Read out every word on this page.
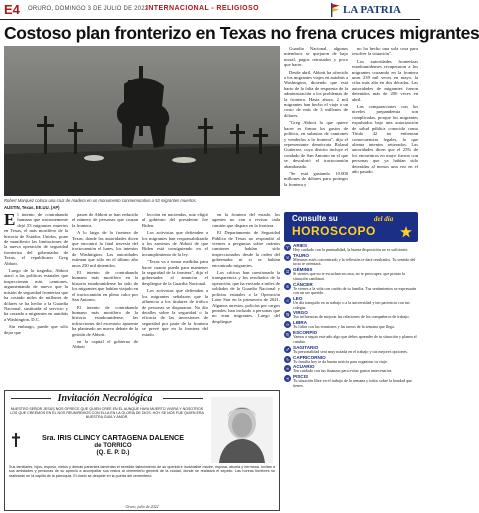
E4 ORURO, DOMINGO 3 DE JULIO DE 2022
INTERNACIONAL - RELIGIOSO	LA PATRIA
Costoso plan fronterizo en Texas no frena cruces migrantes
Robert Marquez coloca una cruz de madera en un monumento conmemorativo a 53 migrantes muertos.
AUSTIN, Texas, EE.UU. (AP)

El intento de contrabando humano que rostronemente dejó 53 migrantes muertos en Texas, el más mortífero de la historia de Estados Unidos, pone de manifiesto las limitaciones de la nueva operación de seguridad fronteriza del gobernador de Texas, el republicano Greg Abbott.

Luego de la tragedia, Abbott atacó a las políticas estatales que inspeccionan más camiones, argumentando de nuevo que la misión de seguridad fronteriza que ha costado miles de millones de dólares se ha hecho a la Guardia Nacional, sustituida al servicio y ha cruzado a migrantes en autobús a Washington, D.C.

Sin embargo, puede que sólo dejar que

pasen de Abbott se han reducido el número de personas que cruzan la frontera.

A lo largo de la frontera de Texas, donde las autoridades dicen que encontró la fatal travesía del tractocamión el lunes, los intentos de Washington. Las autoridades estiman que sólo en el último año unos 250 mil detenidos.

El intento de contrabando humano más mortífero en la historia estadounidense ha sido de los migrantes que habían viajado en el tractocamión en pleno calor por San Antonio.

El intento de contrabando humano más mortífero de la historia estadounidense, las infracciones del escenario aparente ha planteado un nuevo debate de la gestión de Abbott.

en la capital el gobierno de Abbott

lección en naciendas, ruiz eligió al gobierno del presidente Joe Biden.

Los activistas que defienden a los migrantes han responsabilizado a los asesinos de Abbott de que Biden está consiguiendo en el incumplimiento de la ley.

"Texas va a tomar medidas para hacer cuanto pueda para mantener la seguridad de la frontera", dijo el gobernador al anunciar el despliegue de la Guardia Nacional.

Los activistas que defienden a los migrantes señalaron que la afluencia a los titulares de tráfico de personas se dispararon. No dio detalles sobre la seguridad o la eficacia de las inversiones de seguridad por parte de la frontera se prevé que en la frontera del estado.

en la frontera del estado, los agentes no van a revisar cada camión que dispara en la frontera.

El Departamento de Seguridad Pública de Texas no respondió al viernes a preguntas sobre cuántos camiones habían sido inspeccionados desde la orden del gobernador ni si se habían encontrado migrantes.

Los críticos han cuestionado la transparencia y los resultados de la operación, que ha enviado a miles de soldados de la Guardia Nacional y policías estatales a la Operación Lone Star en la primavera de 2021. Algunos arrestos, policías por cargos penales, han incluido a personas que no eran migrantes. Luego del despliegue

Guardia Nacional, algunos miembros se quejaron de bajo moral, pagos retrasados y poco que hacer.

Desde abril, Abbott ha ofrecido a los migrantes viajes en autobús a Washington, diciendo que está harto de la falta de respuesta de la administración a los problemas de la frontera. Hasta ahora, 2 mil migrantes han hecho el viaje a un costo de más de 3 millones de dólares.

"Greg Abbott lo que quiere hacer es firmar los gastos de política, en subastas de camiones y venderlos a la frontera", dijo el representante demócrata Roland Gutierrez, cuyo distrito incluye el condado de San Antonio en el que se descubrió el tractocamión abandonado.

"Se está gastando 10.000 millones de dólares para proteger la frontera y

no ha hecho una sola cosa para resolver la situación".

Los autoridades fronterizas estadounidenses recuperaron a los migrantes cruzando en la frontera unas 239 mil veces en mayo, la cifra más alta en dos décadas. Las autoridades de migrantes fueron detenidos más de 200 veces en abril.

Las comparaciones con los niveles prepandemia son complicadas, porque los migrantes expulsados bajo una autorización de salud pública conocida como Título 42 no enfrentan consecuencias legales, lo que alienta intentos reiterados. Las autoridades dicen que el 25% de los encuentros en mayo fueron con personas que ya habían sido detenidas al menos una vez en el año pasado.

Consulte su
HOROSCOPO
del día
♈ ARIES
Hoy cuidado con la puntualidad, la buena disposición no es suficiente.
♉ TAURO
Mientras estés concentrado y la reflexión te dará resultados. Tu sentido del tacto te orientará.
♊ GÉMINIS
Si sientes que no te escuchan en casa, no te preocupes, que pronto la situación cambiará.
♋ CÁNCER
Te vienes a la vida con cariño de tu familia. Tus sentimientos se expresarán con un ser querido.
♌ LEO
Un día tranquilo en tu trabajo o a la universidad y ten paciencia con tus colegas.
♍ VIRGO
Tus influencias de mejorar las relaciones de los compañeros de trabajo.
♎ LIBRA
Tu lidiar con las reuniones y las tareas de la semana que llega.
♏ ESCORPIO
Vamos a seguir este año algo que debes aprender de tu situación y planea el cambio.
♐ SAGITARIO
Tu personalidad será muy notada en el trabajo y tus mejores opciones.
♑ CAPRICORNIO
Tu familia hoy te da buena noticia para organizar tu viaje.
♒ ACUARIO
Ten cuidado con tus finanzas para evitar gastos innecesarios.
♓ PISCIS
Tu situación libre en el trabajo de la semana y todos sobre la bondad que tienes.
Invitación Necrológica
NUESTRO SEÑOR JESÚS NOS OFRECE QUE QUIEN CREE EN ÉL AUNQUE HAYA MUERTO VIVIRÁ Y NOSOTROS LOS QUE CREEMOS EN ÉL NOS REUNIREMOS CON ELLA EN LA GLORIA DE DIOS. HOY SE NOS FUE QUIEN ERA NUESTRA GUÍA Y AMOR.
Sra. IRIS CLINCY CARTAGENA DALENCE
de TORRICO
(Q. E. P. D.)
Sus familiares, hijos, esposo, nietos y demás parientes lamentan el sensible fallecimiento de su querida e inolvidable madre, esposa, abuela y hermana. Invitan a sus amistades y personas de su aprecio a acompañar sus restos al cementerio general de la ciudad, donde se realizará el sepelio. Las honras fúnebres se realizarán en la capilla de la parroquia. El duelo se despide en la puerta del cementerio.
Oruro, julio de 2022
